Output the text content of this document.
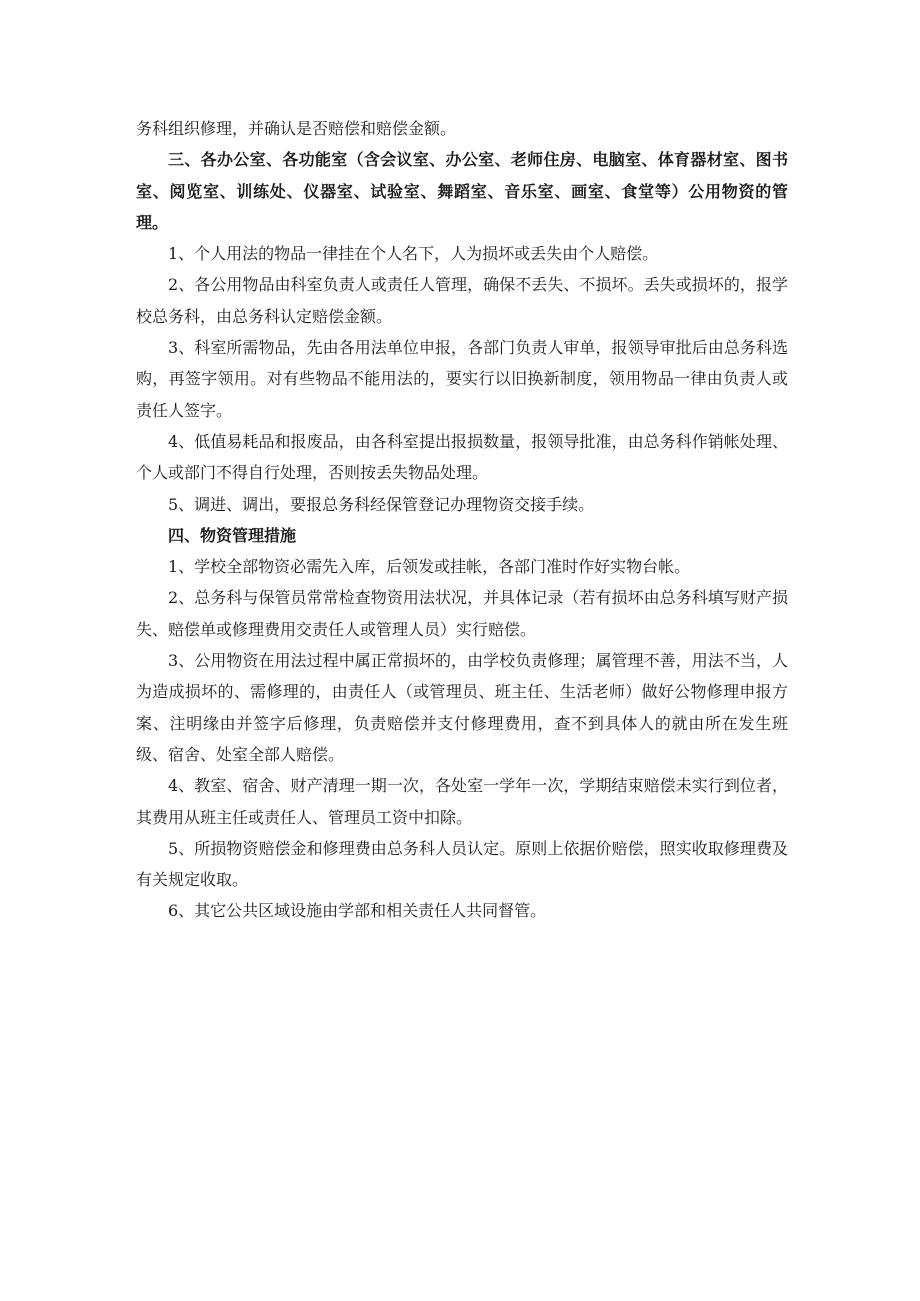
务科组织修理，并确认是否赔偿和赔偿金额。

三、各办公室、各功能室（含会议室、办公室、老师住房、电脑室、体育器材室、图书室、阅览室、训练处、仪器室、试验室、舞蹈室、音乐室、画室、食堂等）公用物资的管理。

1、个人用法的物品一律挂在个人名下，人为损坏或丢失由个人赔偿。

2、各公用物品由科室负责人或责任人管理，确保不丢失、不损坏。丢失或损坏的，报学校总务科，由总务科认定赔偿金额。

3、科室所需物品，先由各用法单位申报，各部门负责人审单，报领导审批后由总务科选购，再签字领用。对有些物品不能用法的，要实行以旧换新制度，领用物品一律由负责人或责任人签字。

4、低值易耗品和报废品，由各科室提出报损数量，报领导批准，由总务科作销帐处理、个人或部门不得自行处理，否则按丢失物品处理。

5、调进、调出，要报总务科经保管登记办理物资交接手续。

四、物资管理措施

1、学校全部物资必需先入库，后领发或挂帐，各部门准时作好实物台帐。

2、总务科与保管员常常检查物资用法状况，并具体记录（若有损坏由总务科填写财产损失、赔偿单或修理费用交责任人或管理人员）实行赔偿。

3、公用物资在用法过程中属正常损坏的，由学校负责修理；属管理不善，用法不当，人为造成损坏的、需修理的，由责任人（或管理员、班主任、生活老师）做好公物修理申报方案、注明缘由并签字后修理，负责赔偿并支付修理费用，查不到具体人的就由所在发生班级、宿舍、处室全部人赔偿。

4、教室、宿舍、财产清理一期一次，各处室一学年一次，学期结束赔偿未实行到位者，其费用从班主任或责任人、管理员工资中扣除。

5、所损物资赔偿金和修理费由总务科人员认定。原则上依据价赔偿，照实收取修理费及有关规定收取。

6、其它公共区域设施由学部和相关责任人共同督管。
